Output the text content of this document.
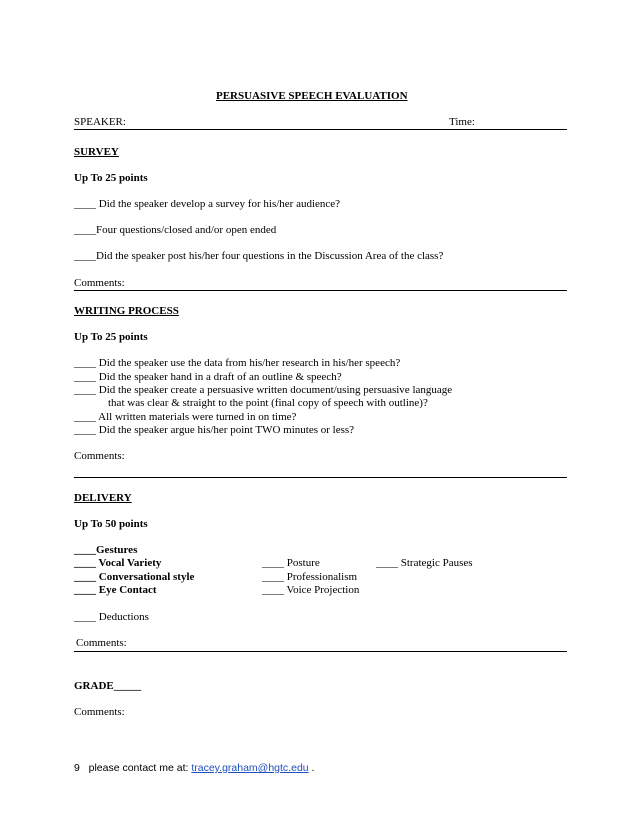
PERSUASIVE SPEECH EVALUATION
SPEAKER:	Time:
SURVEY
Up To 25 points
____ Did the speaker develop a survey for his/her audience?
____Four questions/closed and/or open ended
____Did the speaker post his/her four questions in the Discussion Area of the class?
Comments:
WRITING PROCESS
Up To 25 points
____ Did the speaker use the data from his/her research in his/her speech?
____ Did the speaker hand in a draft of an outline & speech?
____ Did the speaker create a persuasive written document/using persuasive language
that was clear & straight to the point (final copy of speech with outline)?
____ All written materials were turned in on time?
____ Did the speaker argue his/her point TWO minutes or less?
Comments:
DELIVERY
Up To 50 points
____Gestures
____ Vocal Variety
____ Conversational style
____ Eye Contact
____ Posture
____ Professionalism
____ Voice Projection
____ Strategic Pauses
____ Deductions
Comments:
GRADE_____
Comments:
9 please contact me at: tracey.graham@hgtc.edu .
